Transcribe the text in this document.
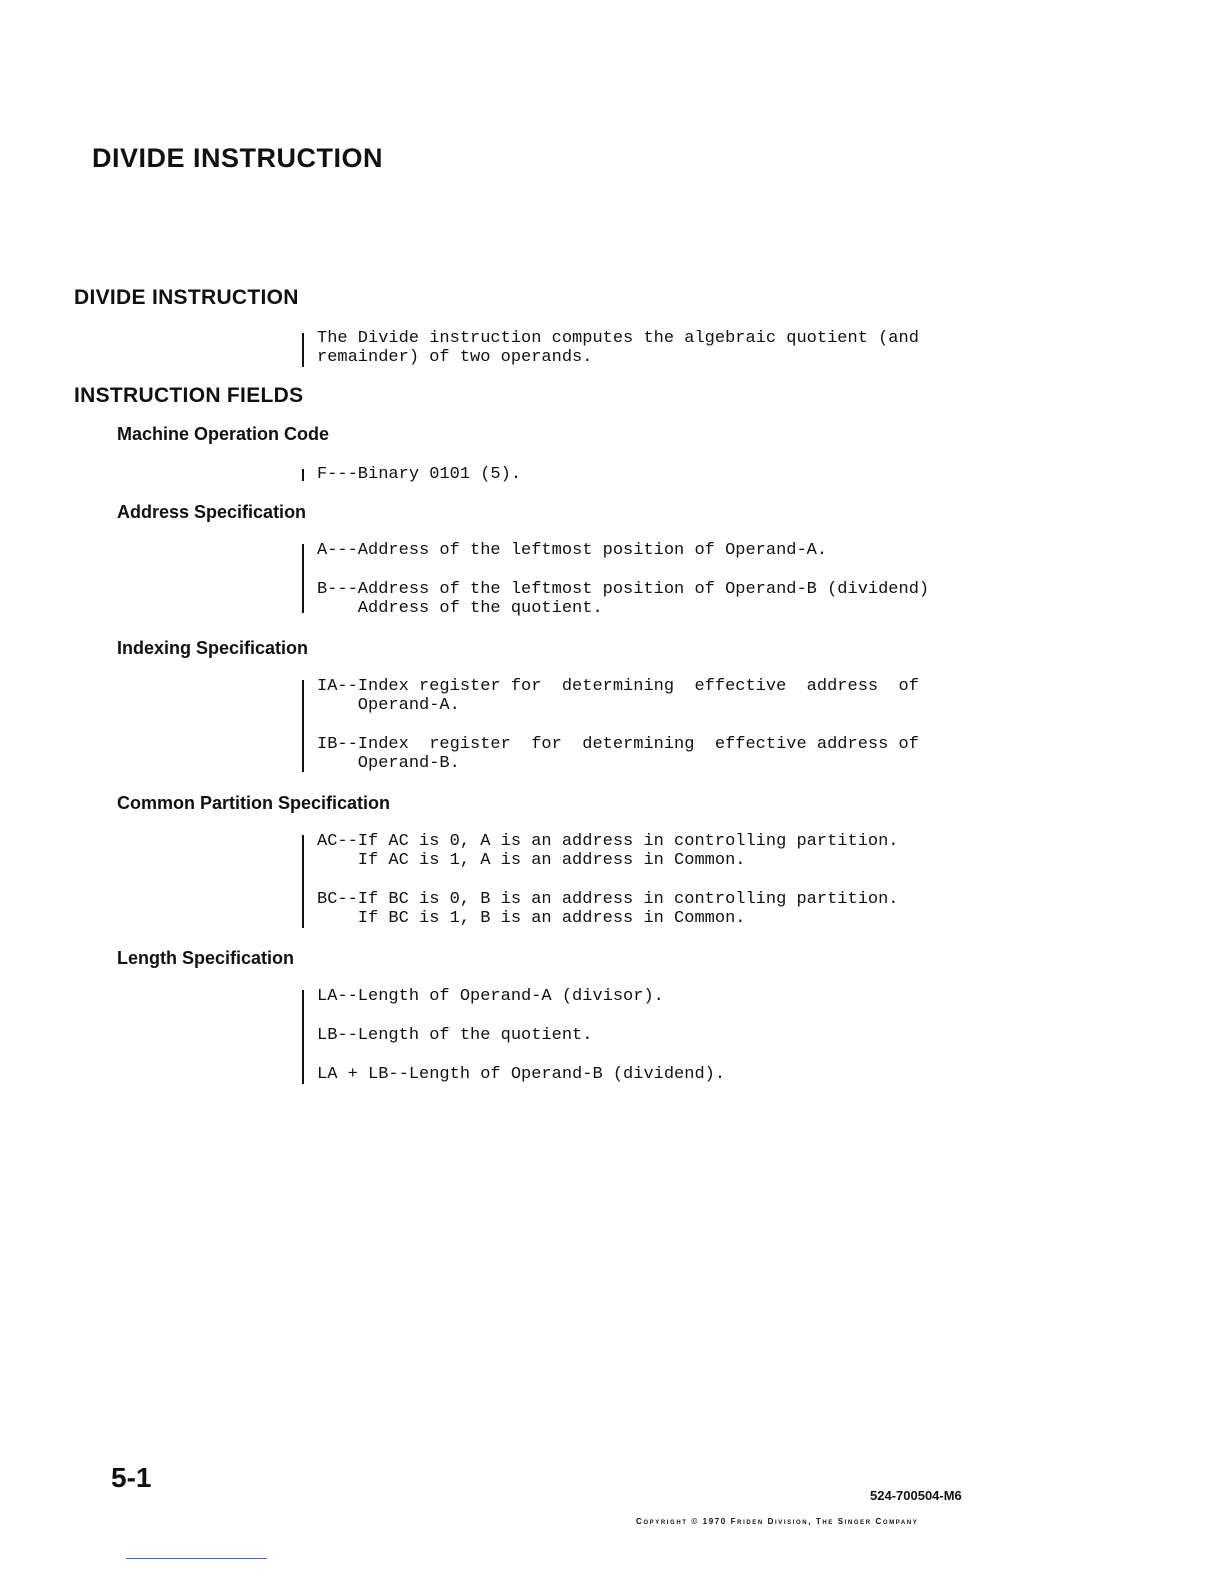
DIVIDE INSTRUCTION
DIVIDE INSTRUCTION
The Divide instruction computes the algebraic quotient (and
remainder) of two operands.
INSTRUCTION FIELDS
Machine Operation Code
F---Binary 0101 (5).
Address Specification
A---Address of the leftmost position of Operand-A.
B---Address of the leftmost position of Operand-B (dividend)
Address of the quotient.
Indexing Specification
IA--Index register for  determining  effective  address  of
Operand-A.
IB--Index  register  for  determining  effective address of
Operand-B.
Common Partition Specification
AC--If AC is 0, A is an address in controlling partition.
If AC is 1, A is an address in Common.
BC--If BC is 0, B is an address in controlling partition.
If BC is 1, B is an address in Common.
Length Specification
LA--Length of Operand-A (divisor).
LB--Length of the quotient.
LA + LB--Length of Operand-B (dividend).
5-1
524-700504-M6
Copyright © 1970 Friden Division, The Singer Company
